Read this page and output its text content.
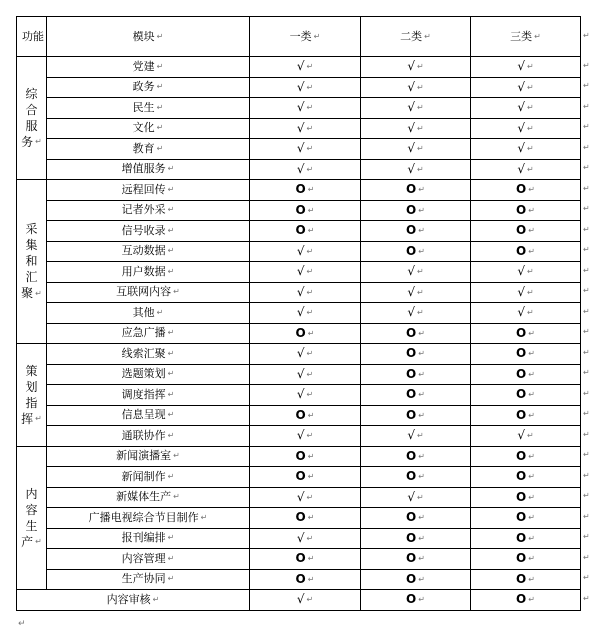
功能	模块 ↵	一类 ↵	二类 ↵	三类 ↵

综
合
服
务 ↵	党建 ↵	√ ↵	√ ↵	√ ↵
	政务 ↵	√ ↵	√ ↵	√ ↵
	民生 ↵	√ ↵	√ ↵	√ ↵
	文化 ↵	√ ↵	√ ↵	√ ↵
	教育 ↵	√ ↵	√ ↵	√ ↵
	增值服务 ↵	√ ↵	√ ↵	√ ↵

采
集
和
汇
聚 ↵	远程回传 ↵	O ↵	O ↵	O ↵
	记者外采 ↵	O ↵	O ↵	O ↵
	信号收录 ↵	O ↵	O ↵	O ↵
	互动数据 ↵	√ ↵	O ↵	O ↵
	用户数据 ↵	√ ↵	√ ↵	√ ↵
	互联网内容 ↵	√ ↵	√ ↵	√ ↵
	其他 ↵	√ ↵	√ ↵	√ ↵
	应急广播 ↵	O ↵	O ↵	O ↵

策
划
指
挥 ↵	线索汇聚 ↵	√ ↵	O ↵	O ↵
	选题策划 ↵	√ ↵	O ↵	O ↵
	调度指挥 ↵	√ ↵	O ↵	O ↵
	信息呈现 ↵	O ↵	O ↵	O ↵
	通联协作 ↵	√ ↵	√ ↵	√ ↵

内
容
生
产 ↵	新闻演播室 ↵	O ↵	O ↵	O ↵
	新闻制作 ↵	O ↵	O ↵	O ↵
	新媒体生产 ↵	√ ↵	√ ↵	O ↵
	广播电视综合节目制作 ↵	O ↵	O ↵	O ↵
	报刊编排 ↵	√ ↵	O ↵	O ↵
	内容管理 ↵	O ↵	O ↵	O ↵
	生产协同 ↵	O ↵	O ↵	O ↵
内容审核 ↵		√ ↵	O ↵	O ↵
↵
↵
↵
↵
↵
↵
↵
↵
↵
↵
↵
↵
↵
↵
↵
↵
↵
↵
↵
↵
↵
↵
↵
↵
↵
↵
↵
↵
↵
